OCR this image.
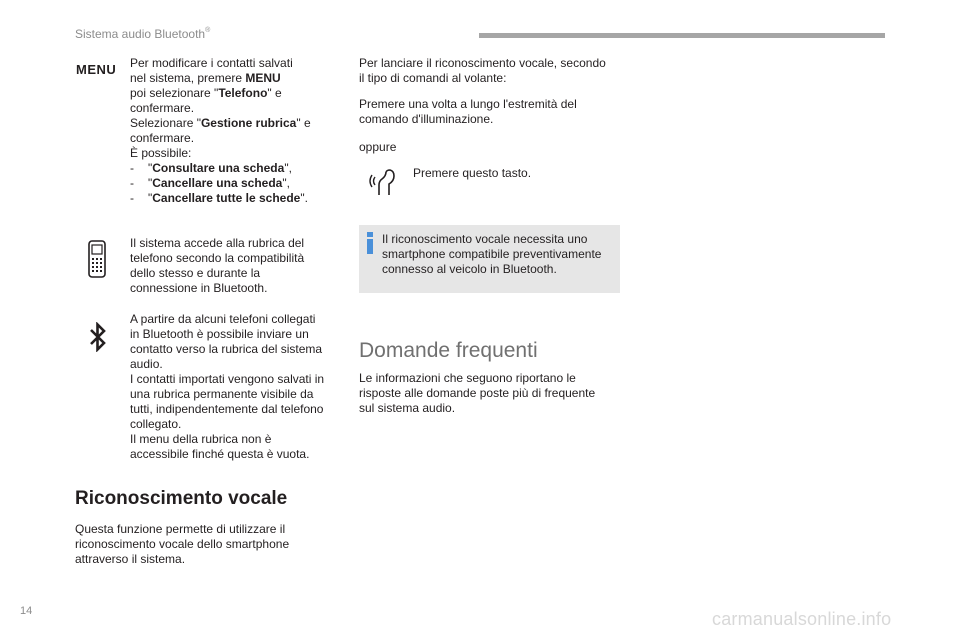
Sistema audio Bluetooth®
MENU Per modificare i contatti salvati
nel sistema, premere MENU
poi selezionare "Telefono" e
confermare.
Selezionare "Gestione rubrica" e
confermare.
È possibile:
- "Consultare una scheda",
- "Cancellare una scheda",
- "Cancellare tutte le schede".
Il sistema accede alla rubrica del
telefono secondo la compatibilità
dello stesso e durante la
connessione in Bluetooth.
A partire da alcuni telefoni collegati
in Bluetooth è possibile inviare un
contatto verso la rubrica del sistema
audio.
I contatti importati vengono salvati in
una rubrica permanente visibile da
tutti, indipendentemente dal telefono
collegato.
Il menu della rubrica non è
accessibile finché questa è vuota.
Riconoscimento vocale
Questa funzione permette di utilizzare il
riconoscimento vocale dello smartphone
attraverso il sistema.
Per lanciare il riconoscimento vocale, secondo
il tipo di comandi al volante:
Premere una volta a lungo l'estremità del
comando d'illuminazione.
oppure
Premere questo tasto.
Il riconoscimento vocale necessita uno
smartphone compatibile preventivamente
connesso al veicolo in Bluetooth.
Domande frequenti
Le informazioni che seguono riportano le
risposte alle domande poste più di frequente
sul sistema audio.
14	carmanualsonline.info
